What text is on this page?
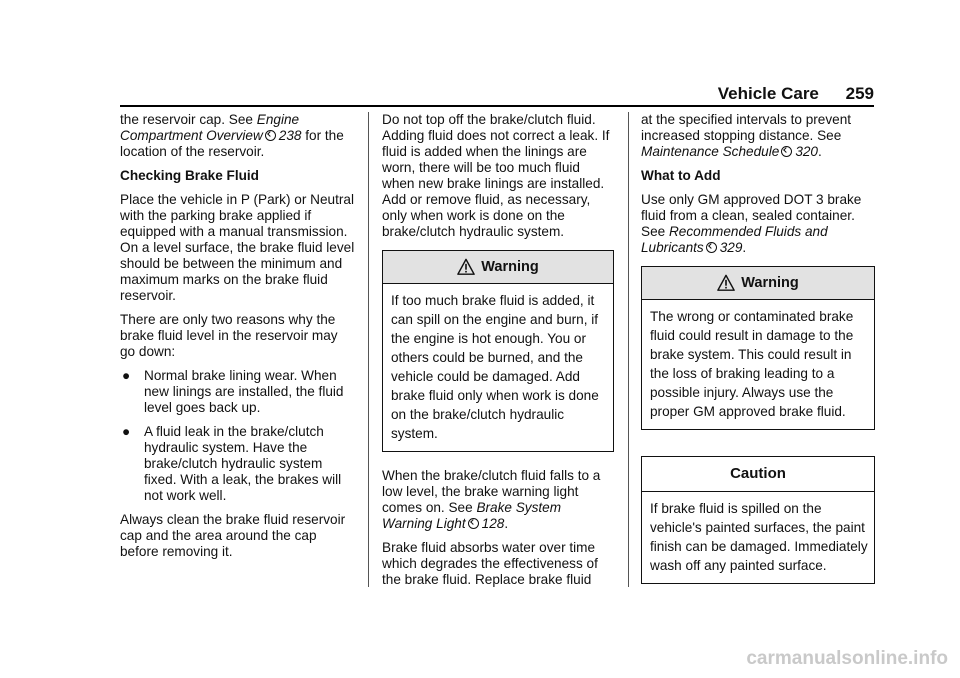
Vehicle Care 259

the reservoir cap. See Engine Compartment Overview 238 for the location of the reservoir.

Checking Brake Fluid

Place the vehicle in P (Park) or Neutral with the parking brake applied if equipped with a manual transmission. On a level surface, the brake fluid level should be between the minimum and maximum marks on the brake fluid reservoir.

There are only two reasons why the brake fluid level in the reservoir may go down:

●	Normal brake lining wear. When new linings are installed, the fluid level goes back up.
●	A fluid leak in the brake/clutch hydraulic system. Have the brake/clutch hydraulic system fixed. With a leak, the brakes will not work well.

Always clean the brake fluid reservoir cap and the area around the cap before removing it.

Do not top off the brake/clutch fluid. Adding fluid does not correct a leak. If fluid is added when the linings are worn, there will be too much fluid when new brake linings are installed. Add or remove fluid, as necessary, only when work is done on the brake/clutch hydraulic system.

Warning
If too much brake fluid is added, it can spill on the engine and burn, if the engine is hot enough. You or others could be burned, and the vehicle could be damaged. Add brake fluid only when work is done on the brake/clutch hydraulic system.

When the brake/clutch fluid falls to a low level, the brake warning light comes on. See Brake System Warning Light 128.

Brake fluid absorbs water over time which degrades the effectiveness of the brake fluid. Replace brake fluid

at the specified intervals to prevent increased stopping distance. See Maintenance Schedule 320.

What to Add

Use only GM approved DOT 3 brake fluid from a clean, sealed container. See Recommended Fluids and Lubricants 329.

Warning
The wrong or contaminated brake fluid could result in damage to the brake system. This could result in the loss of braking leading to a possible injury. Always use the proper GM approved brake fluid.
Caution
If brake fluid is spilled on the vehicle's painted surfaces, the paint finish can be damaged. Immediately wash off any painted surface.
carmanualsonline.info
